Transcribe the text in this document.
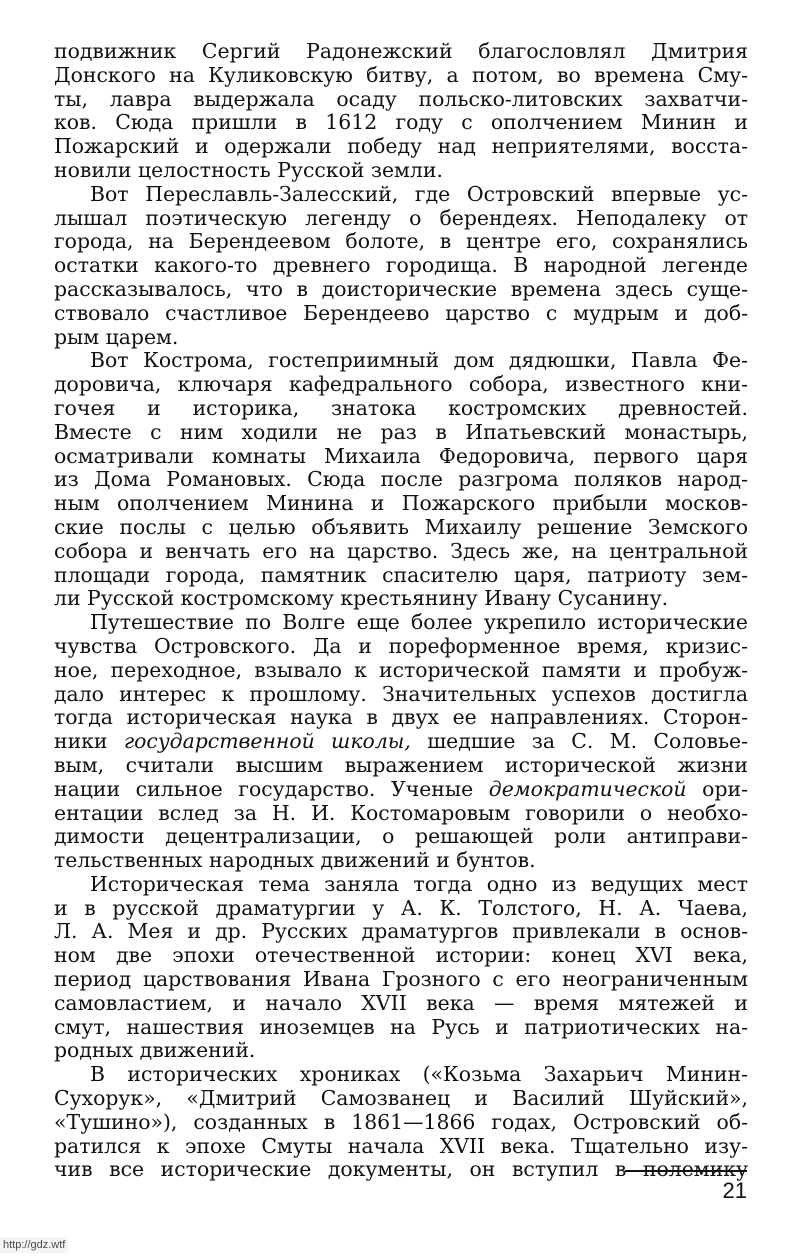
подвижник Сергий Радонежский благословлял Дмитрия
Донского на Куликовскую битву, а потом, во времена Сму-
ты, лавра выдержала осаду польско-литовских захватчи-
ков. Сюда пришли в 1612 году с ополчением Минин и
Пожарский и одержали победу над неприятелями, восста-
новили целостность Русской земли.
Вот Переславль-Залесский, где Островский впервые ус-
лышал поэтическую легенду о берендеях. Неподалеку от
города, на Берендеевом болоте, в центре его, сохранялись
остатки какого-то древнего городища. В народной легенде
рассказывалось, что в доисторические времена здесь суще-
ствовало счастливое Берендеево царство с мудрым и доб-
рым царем.
Вот Кострома, гостеприимный дом дядюшки, Павла Фе-
доровича, ключаря кафедрального собора, известного кни-
гочея и историка, знатока костромских древностей.
Вместе с ним ходили не раз в Ипатьевский монастырь,
осматривали комнаты Михаила Федоровича, первого царя
из Дома Романовых. Сюда после разгрома поляков народ-
ным ополчением Минина и Пожарского прибыли москов-
ские послы с целью объявить Михаилу решение Земского
собора и венчать его на царство. Здесь же, на центральной
площади города, памятник спасителю царя, патриоту зем-
ли Русской костромскому крестьянину Ивану Сусанину.
Путешествие по Волге еще более укрепило исторические
чувства Островского. Да и пореформенное время, кризис-
ное, переходное, взывало к исторической памяти и пробуж-
дало интерес к прошлому. Значительных успехов достигла
тогда историческая наука в двух ее направлениях. Сторон-
ники государственной школы, шедшие за С. М. Соловье-
вым, считали высшим выражением исторической жизни
нации сильное государство. Ученые демократической ори-
ентации вслед за Н. И. Костомаровым говорили о необхо-
димости децентрализации, о решающей роли антиправи-
тельственных народных движений и бунтов.
Историческая тема заняла тогда одно из ведущих мест
и в русской драматургии у А. К. Толстого, Н. А. Чаева,
Л. А. Мея и др. Русских драматургов привлекали в основ-
ном две эпохи отечественной истории: конец XVI века,
период царствования Ивана Грозного с его неограниченным
самовластием, и начало XVII века — время мятежей и
смут, нашествия иноземцев на Русь и патриотических на-
родных движений.
В исторических хрониках («Козьма Захарьич Минин-
Сухорук», «Дмитрий Самозванец и Василий Шуйский»,
«Тушино»), созданных в 1861—1866 годах, Островский об-
ратился к эпохе Смуты начала XVII века. Тщательно изу-
чив все исторические документы, он вступил в полемику
21
http://gdz.wtf
